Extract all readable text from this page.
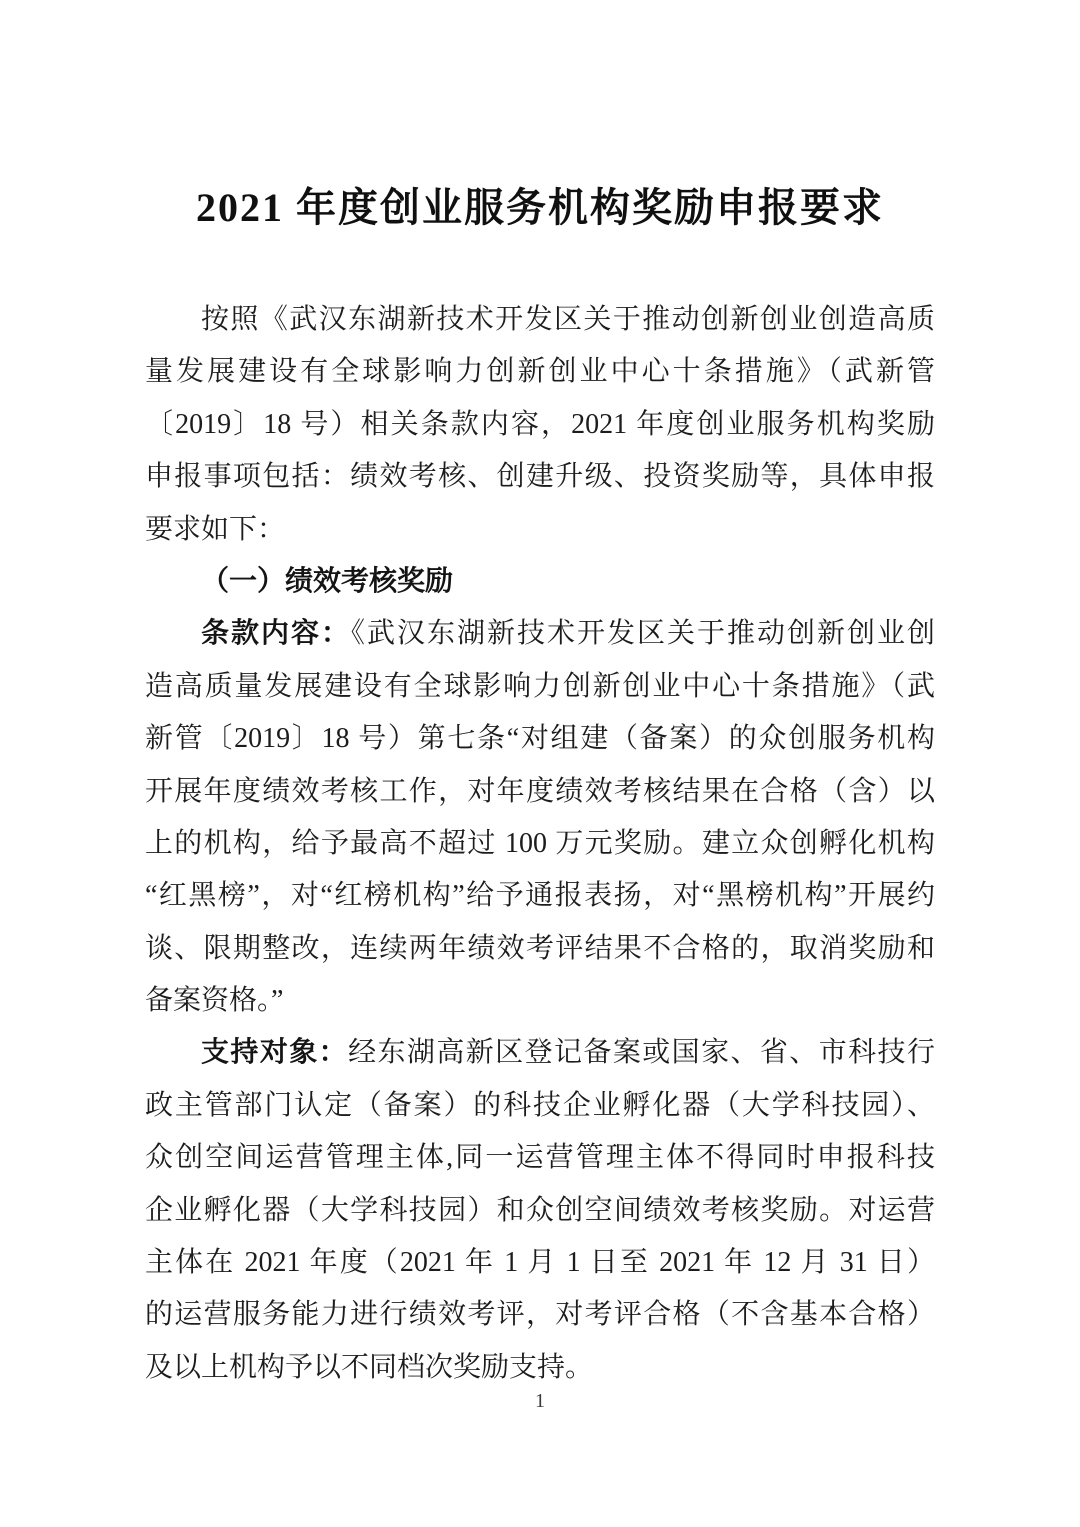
2021 年度创业服务机构奖励申报要求
按照《武汉东湖新技术开发区关于推动创新创业创造高质
量发展建设有全球影响力创新创业中心十条措施》（武新管
〔2019〕18 号）相关条款内容，2021 年度创业服务机构奖励
申报事项包括：绩效考核、创建升级、投资奖励等，具体申报
要求如下：
（一）绩效考核奖励
条款内容：《武汉东湖新技术开发区关于推动创新创业创
造高质量发展建设有全球影响力创新创业中心十条措施》（武
新管〔2019〕18 号）第七条“对组建（备案）的众创服务机构
开展年度绩效考核工作，对年度绩效考核结果在合格（含）以
上的机构，给予最高不超过 100 万元奖励。建立众创孵化机构
“红黑榜”，对“红榜机构”给予通报表扬，对“黑榜机构”开展约
谈、限期整改，连续两年绩效考评结果不合格的，取消奖励和
备案资格。”
支持对象：经东湖高新区登记备案或国家、省、市科技行
政主管部门认定（备案）的科技企业孵化器（大学科技园）、
众创空间运营管理主体,同一运营管理主体不得同时申报科技
企业孵化器（大学科技园）和众创空间绩效考核奖励。对运营
主体在 2021 年度（2021 年 1 月 1 日至 2021 年 12 月 31 日）
的运营服务能力进行绩效考评，对考评合格（不含基本合格）
及以上机构予以不同档次奖励支持。
1
